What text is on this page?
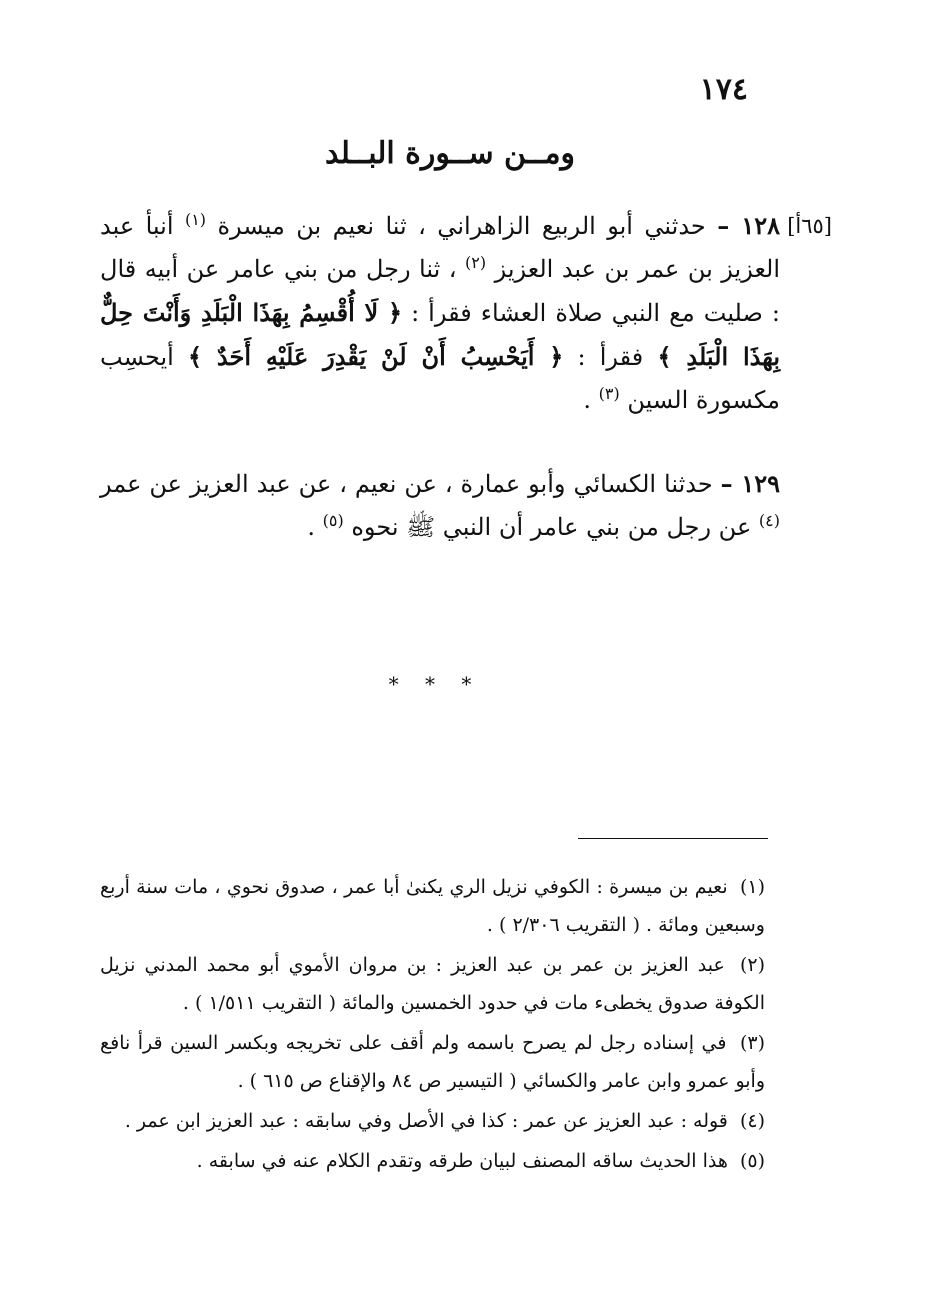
١٧٤
ومــن ســورة البــلد
[٦٥أ]
١٢٨ – حدثني أبو الربيع الزاهراني ، ثنا نعيم بن ميسرة $^{(١)}$ أنبأ عبد العزيز بن عمر بن عبد العزيز $^{(٢)}$ ، ثنا رجل من بني عامر عن أبيه قال : صليت مع النبي صلاة العشاء فقرأ : ﴿ لَا أُقْسِمُ بِهَذَا الْبَلَدِ وَأَنْتَ حِلٌّ بِهَذَا الْبَلَدِ ﴾ فقرأ : ﴿ أَيَحْسِبُ أَنْ لَنْ يَقْدِرَ عَلَيْهِ أَحَدٌ ﴾ أيحسِب مكسورة السين $^{(٣)}$ .
١٢٩ – حدثنا الكسائي وأبو عمارة ، عن نعيم ، عن عبد العزيز عن عمر $^{(٤)}$ عن رجل من بني عامر أن النبي ﷺ نحوه $^{(٥)}$ .
* * *

(١) نعيم بن ميسرة : الكوفي نزيل الري يكنىٰ أبا عمر ، صدوق نحوي ، مات سنة أربع وسبعين ومائة . ( التقريب ٢/٣٠٦ ) .

(٢) عبد العزيز بن عمر بن عبد العزيز : بن مروان الأموي أبو محمد المدني نزيل الكوفة صدوق يخطىء مات في حدود الخمسين والمائة ( التقريب ١/٥١١ ) .

(٣) في إسناده رجل لم يصرح باسمه ولم أقف على تخريجه وبكسر السين قرأ نافع وأبو عمرو وابن عامر والكسائي ( التيسير ص ٨٤ والإقناع ص ٦١٥ ) .

(٤) قوله : عبد العزيز عن عمر : كذا في الأصل وفي سابقه : عبد العزيز ابن عمر .

(٥) هذا الحديث ساقه المصنف لبيان طرقه وتقدم الكلام عنه في سابقه .
